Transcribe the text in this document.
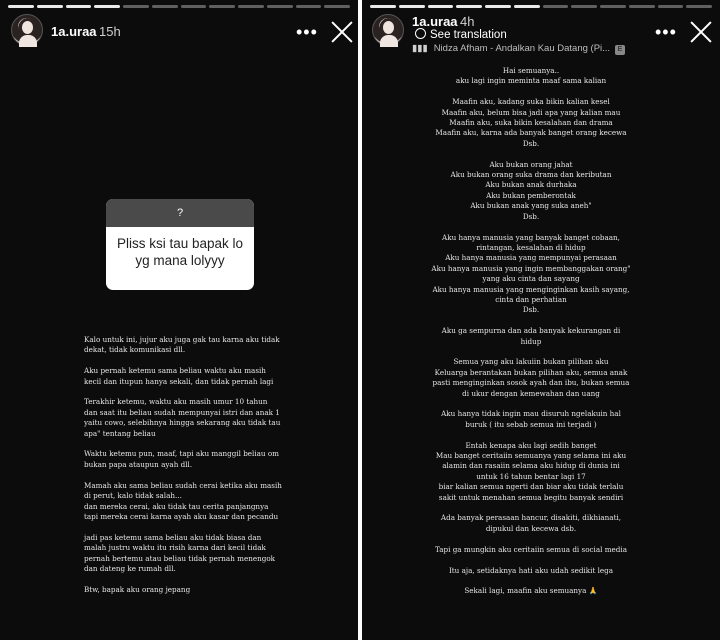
1a.uraa 15h	•••
?
Pliss ksi tau bapak lo
yg mana lolyyy
Kalo untuk ini, jujur aku juga gak tau karna aku tidak
dekat, tidak komunikasi dll.

Aku pernah ketemu sama beliau waktu aku masih
kecil dan itupun hanya sekali, dan tidak pernah lagi

Terakhir ketemu, waktu aku masih umur 10 tahun
dan saat itu beliau sudah mempunyai istri dan anak 1
yaitu cowo, selebihnya hingga sekarang aku tidak tau
apa" tentang beliau

Waktu ketemu pun, maaf, tapi aku manggil beliau om
bukan papa ataupun ayah dll.

Mamah aku sama beliau sudah cerai ketika aku masih
di perut, kalo tidak salah...
dan mereka cerai, aku tidak tau cerita panjangnya
tapi mereka cerai karna ayah aku kasar dan pecandu

jadi pas ketemu sama beliau aku tidak biasa dan
malah justru waktu itu risih karna dari kecil tidak
pernah bertemu atau beliau tidak pernah menengok
dan dateng ke rumah dll.

Btw, bapak aku orang jepang
1a.uraa 4h
•••
See translation
▮▮▮ Nidza Afham - Andalkan Kau Datang (Pi... E
Hai semuanya..
aku lagi ingin meminta maaf sama kalian

Maafin aku, kadang suka bikin kalian kesel
Maafin aku, belum bisa jadi apa yang kalian mau
Maafin aku, suka bikin kesalahan dan drama
Maafin aku, karna ada banyak banget orang kecewa
Dsb.

Aku bukan orang jahat
Aku bukan orang suka drama dan keributan
Aku bukan anak durhaka
Aku bukan pemberontak
Aku bukan anak yang suka aneh"
Dsb.

Aku hanya manusia yang banyak banget cobaan,
rintangan, kesalahan di hidup
Aku hanya manusia yang mempunyai perasaan
Aku hanya manusia yang ingin membanggakan orang"
yang aku cinta dan sayang
Aku hanya manusia yang menginginkan kasih sayang,
cinta dan perhatian
Dsb.

Aku ga sempurna dan ada banyak kekurangan di
hidup

Semua yang aku lakuiin bukan pilihan aku
Keluarga berantakan bukan pilihan aku, semua anak
pasti menginginkan sosok ayah dan ibu, bukan semua
di ukur dengan kemewahan dan uang

Aku hanya tidak ingin mau disuruh ngelakuin hal
buruk ( itu sebab semua ini terjadi )

Entah kenapa aku lagi sedih banget
Mau banget ceritaiin semuanya yang selama ini aku
alamin dan rasaiin selama aku hidup di dunia ini
untuk 16 tahun bentar lagi 17
biar kalian semua ngerti dan biar aku tidak terlalu
sakit untuk menahan semua begitu banyak sendiri

Ada banyak perasaan hancur, disakiti, dikhianati,
dipukul dan kecewa dsb.

Tapi ga mungkin aku ceritaiin semua di social media

Itu aja, setidaknya hati aku udah sedikit lega

Sekali lagi, maafin aku semuanya 🙏
